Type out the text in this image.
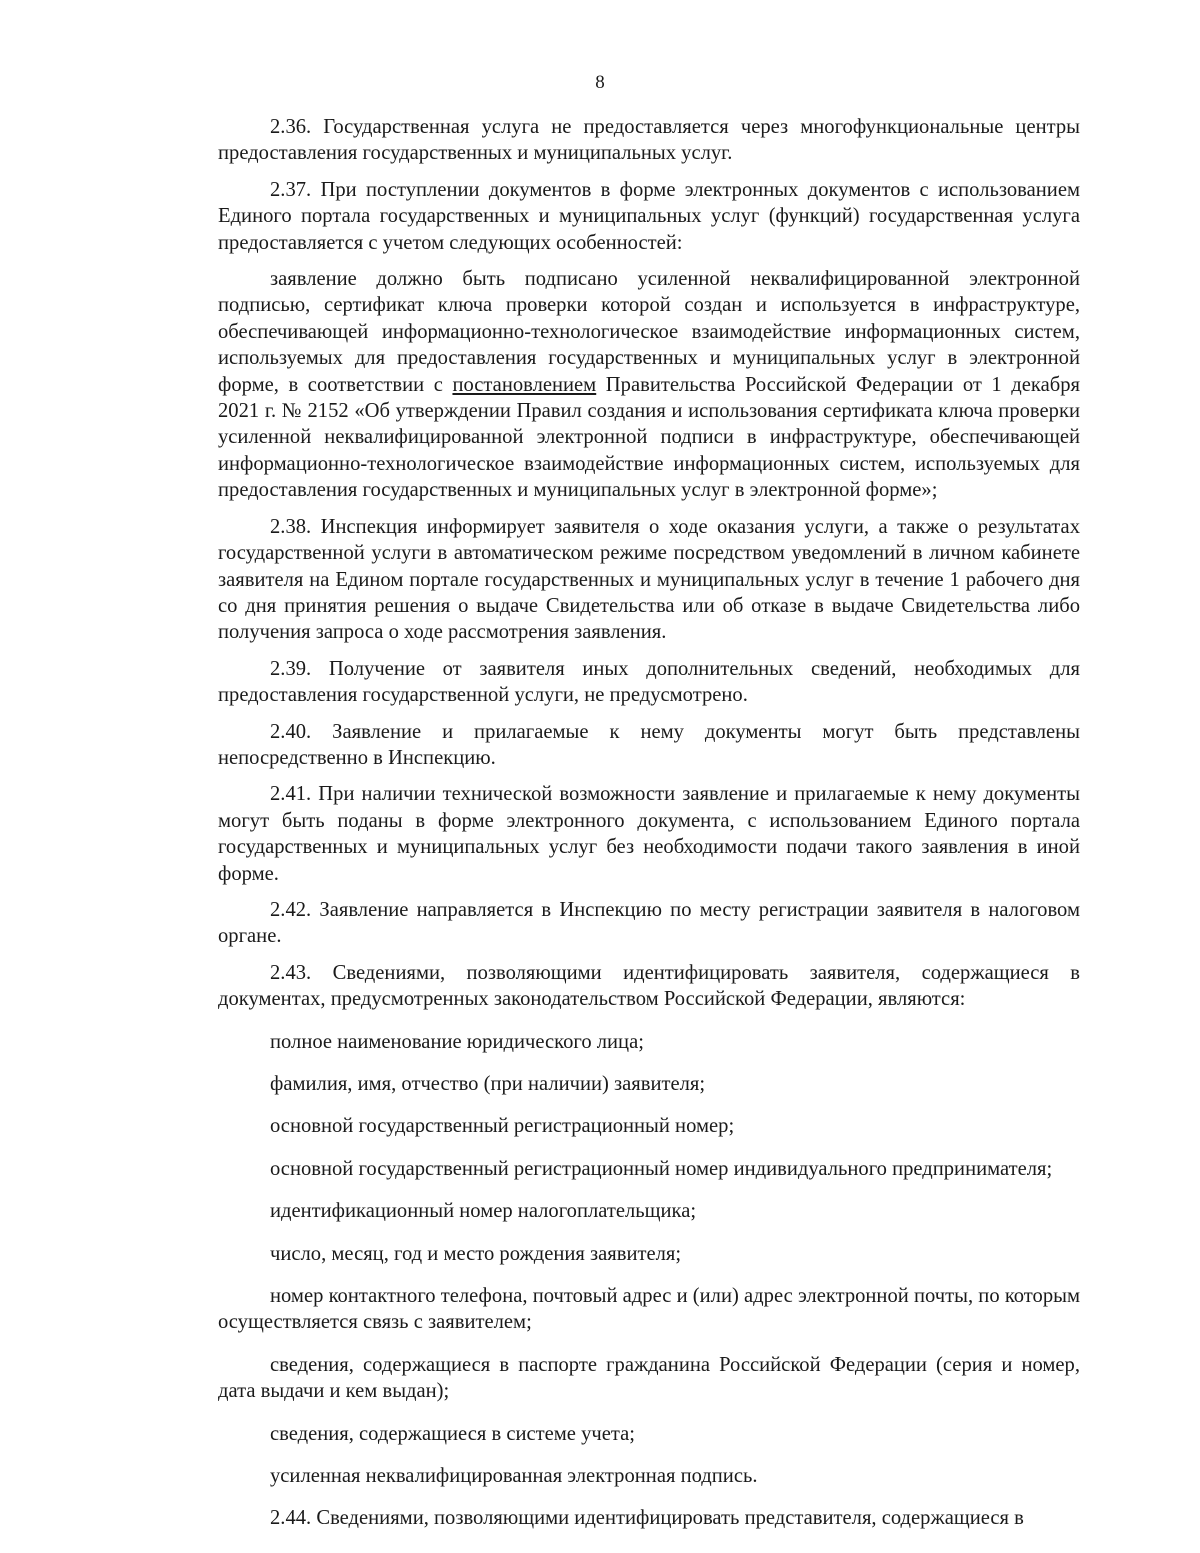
8

2.36. Государственная услуга не предоставляется через многофункциональные центры предоставления государственных и муниципальных услуг.

2.37. При поступлении документов в форме электронных документов с использованием Единого портала государственных и муниципальных услуг (функций) государственная услуга предоставляется с учетом следующих особенностей:

заявление должно быть подписано усиленной неквалифицированной электронной подписью, сертификат ключа проверки которой создан и используется в инфраструктуре, обеспечивающей информационно-технологическое взаимодействие информационных систем, используемых для предоставления государственных и муниципальных услуг в электронной форме, в соответствии с постановлением Правительства Российской Федерации от 1 декабря 2021 г. № 2152 «Об утверждении Правил создания и использования сертификата ключа проверки усиленной неквалифицированной электронной подписи в инфраструктуре, обеспечивающей информационно-технологическое взаимодействие информационных систем, используемых для предоставления государственных и муниципальных услуг в электронной форме»;

2.38. Инспекция информирует заявителя о ходе оказания услуги, а также о результатах государственной услуги в автоматическом режиме посредством уведомлений в личном кабинете заявителя на Едином портале государственных и муниципальных услуг в течение 1 рабочего дня со дня принятия решения о выдаче Свидетельства или об отказе в выдаче Свидетельства либо получения запроса о ходе рассмотрения заявления.

2.39. Получение от заявителя иных дополнительных сведений, необходимых для предоставления государственной услуги, не предусмотрено.

2.40. Заявление и прилагаемые к нему документы могут быть представлены непосредственно в Инспекцию.

2.41. При наличии технической возможности заявление и прилагаемые к нему документы могут быть поданы в форме электронного документа, с использованием Единого портала государственных и муниципальных услуг без необходимости подачи такого заявления в иной форме.

2.42. Заявление направляется в Инспекцию по месту регистрации заявителя в налоговом органе.

2.43. Сведениями, позволяющими идентифицировать заявителя, содержащиеся в документах, предусмотренных законодательством Российской Федерации, являются:

полное наименование юридического лица;

фамилия, имя, отчество (при наличии) заявителя;

основной государственный регистрационный номер;

основной государственный регистрационный номер индивидуального предпринимателя;

идентификационный номер налогоплательщика;

число, месяц, год и место рождения заявителя;

номер контактного телефона, почтовый адрес и (или) адрес электронной почты, по которым осуществляется связь с заявителем;

сведения, содержащиеся в паспорте гражданина Российской Федерации (серия и номер, дата выдачи и кем выдан);

сведения, содержащиеся в системе учета;

усиленная неквалифицированная электронная подпись.

2.44. Сведениями, позволяющими идентифицировать представителя, содержащиеся в
